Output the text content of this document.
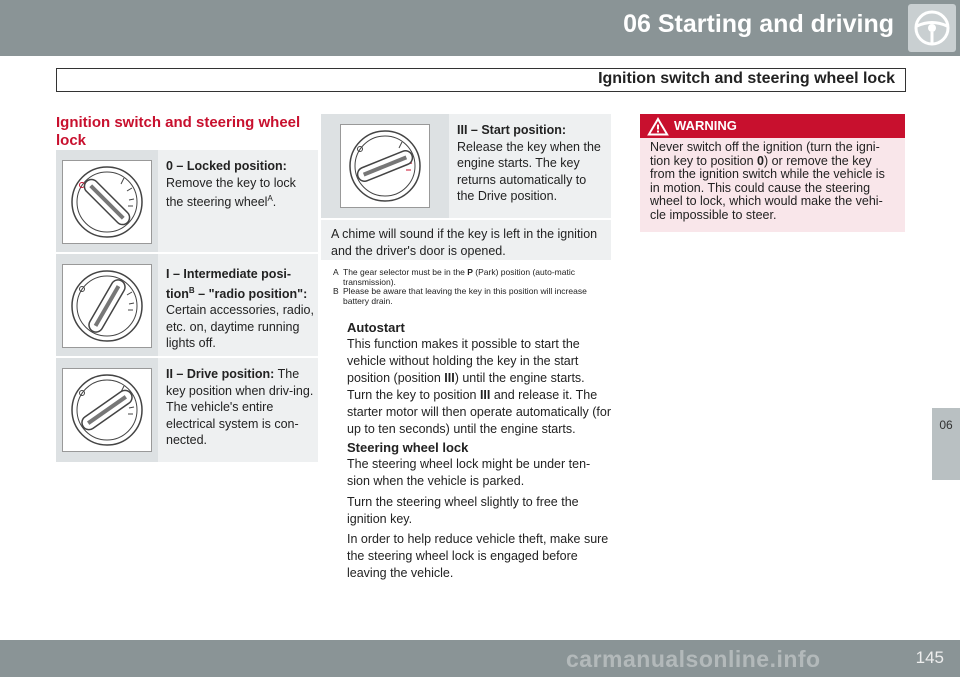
06 Starting and driving
Ignition switch and steering wheel lock
06
Ignition switch and steering wheel lock
0 – Locked position:
Remove the key to lock the steering wheel$^A$.
I – Intermediate posi-tion$^B$ – "radio position":
Certain accessories, radio, etc. on, daytime running lights off.
II – Drive position: The key position when driv-ing. The vehicle's entire electrical system is con-nected.
III – Start position:
Release the key when the engine starts. The key returns automatically to the Drive position.
A chime will sound if the key is left in the ignition and the driver's door is opened.
A The gear selector must be in the P (Park) position (auto-matic transmission).
B Please be aware that leaving the key in this position will increase battery drain.
Autostart
This function makes it possible to start the vehicle without holding the key in the start position (position III) until the engine starts. Turn the key to position III and release it. The starter motor will then operate automatically (for up to ten seconds) until the engine starts.
Steering wheel lock
The steering wheel lock might be under ten-sion when the vehicle is parked.
Turn the steering wheel slightly to free the ignition key.
In order to help reduce vehicle theft, make sure the steering wheel lock is engaged before leaving the vehicle.
WARNING
Never switch off the ignition (turn the igni-tion key to position 0) or remove the key from the ignition switch while the vehicle is in motion. This could cause the steering wheel to lock, which would make the vehi-cle impossible to steer.
145
carmanualsonline.info
